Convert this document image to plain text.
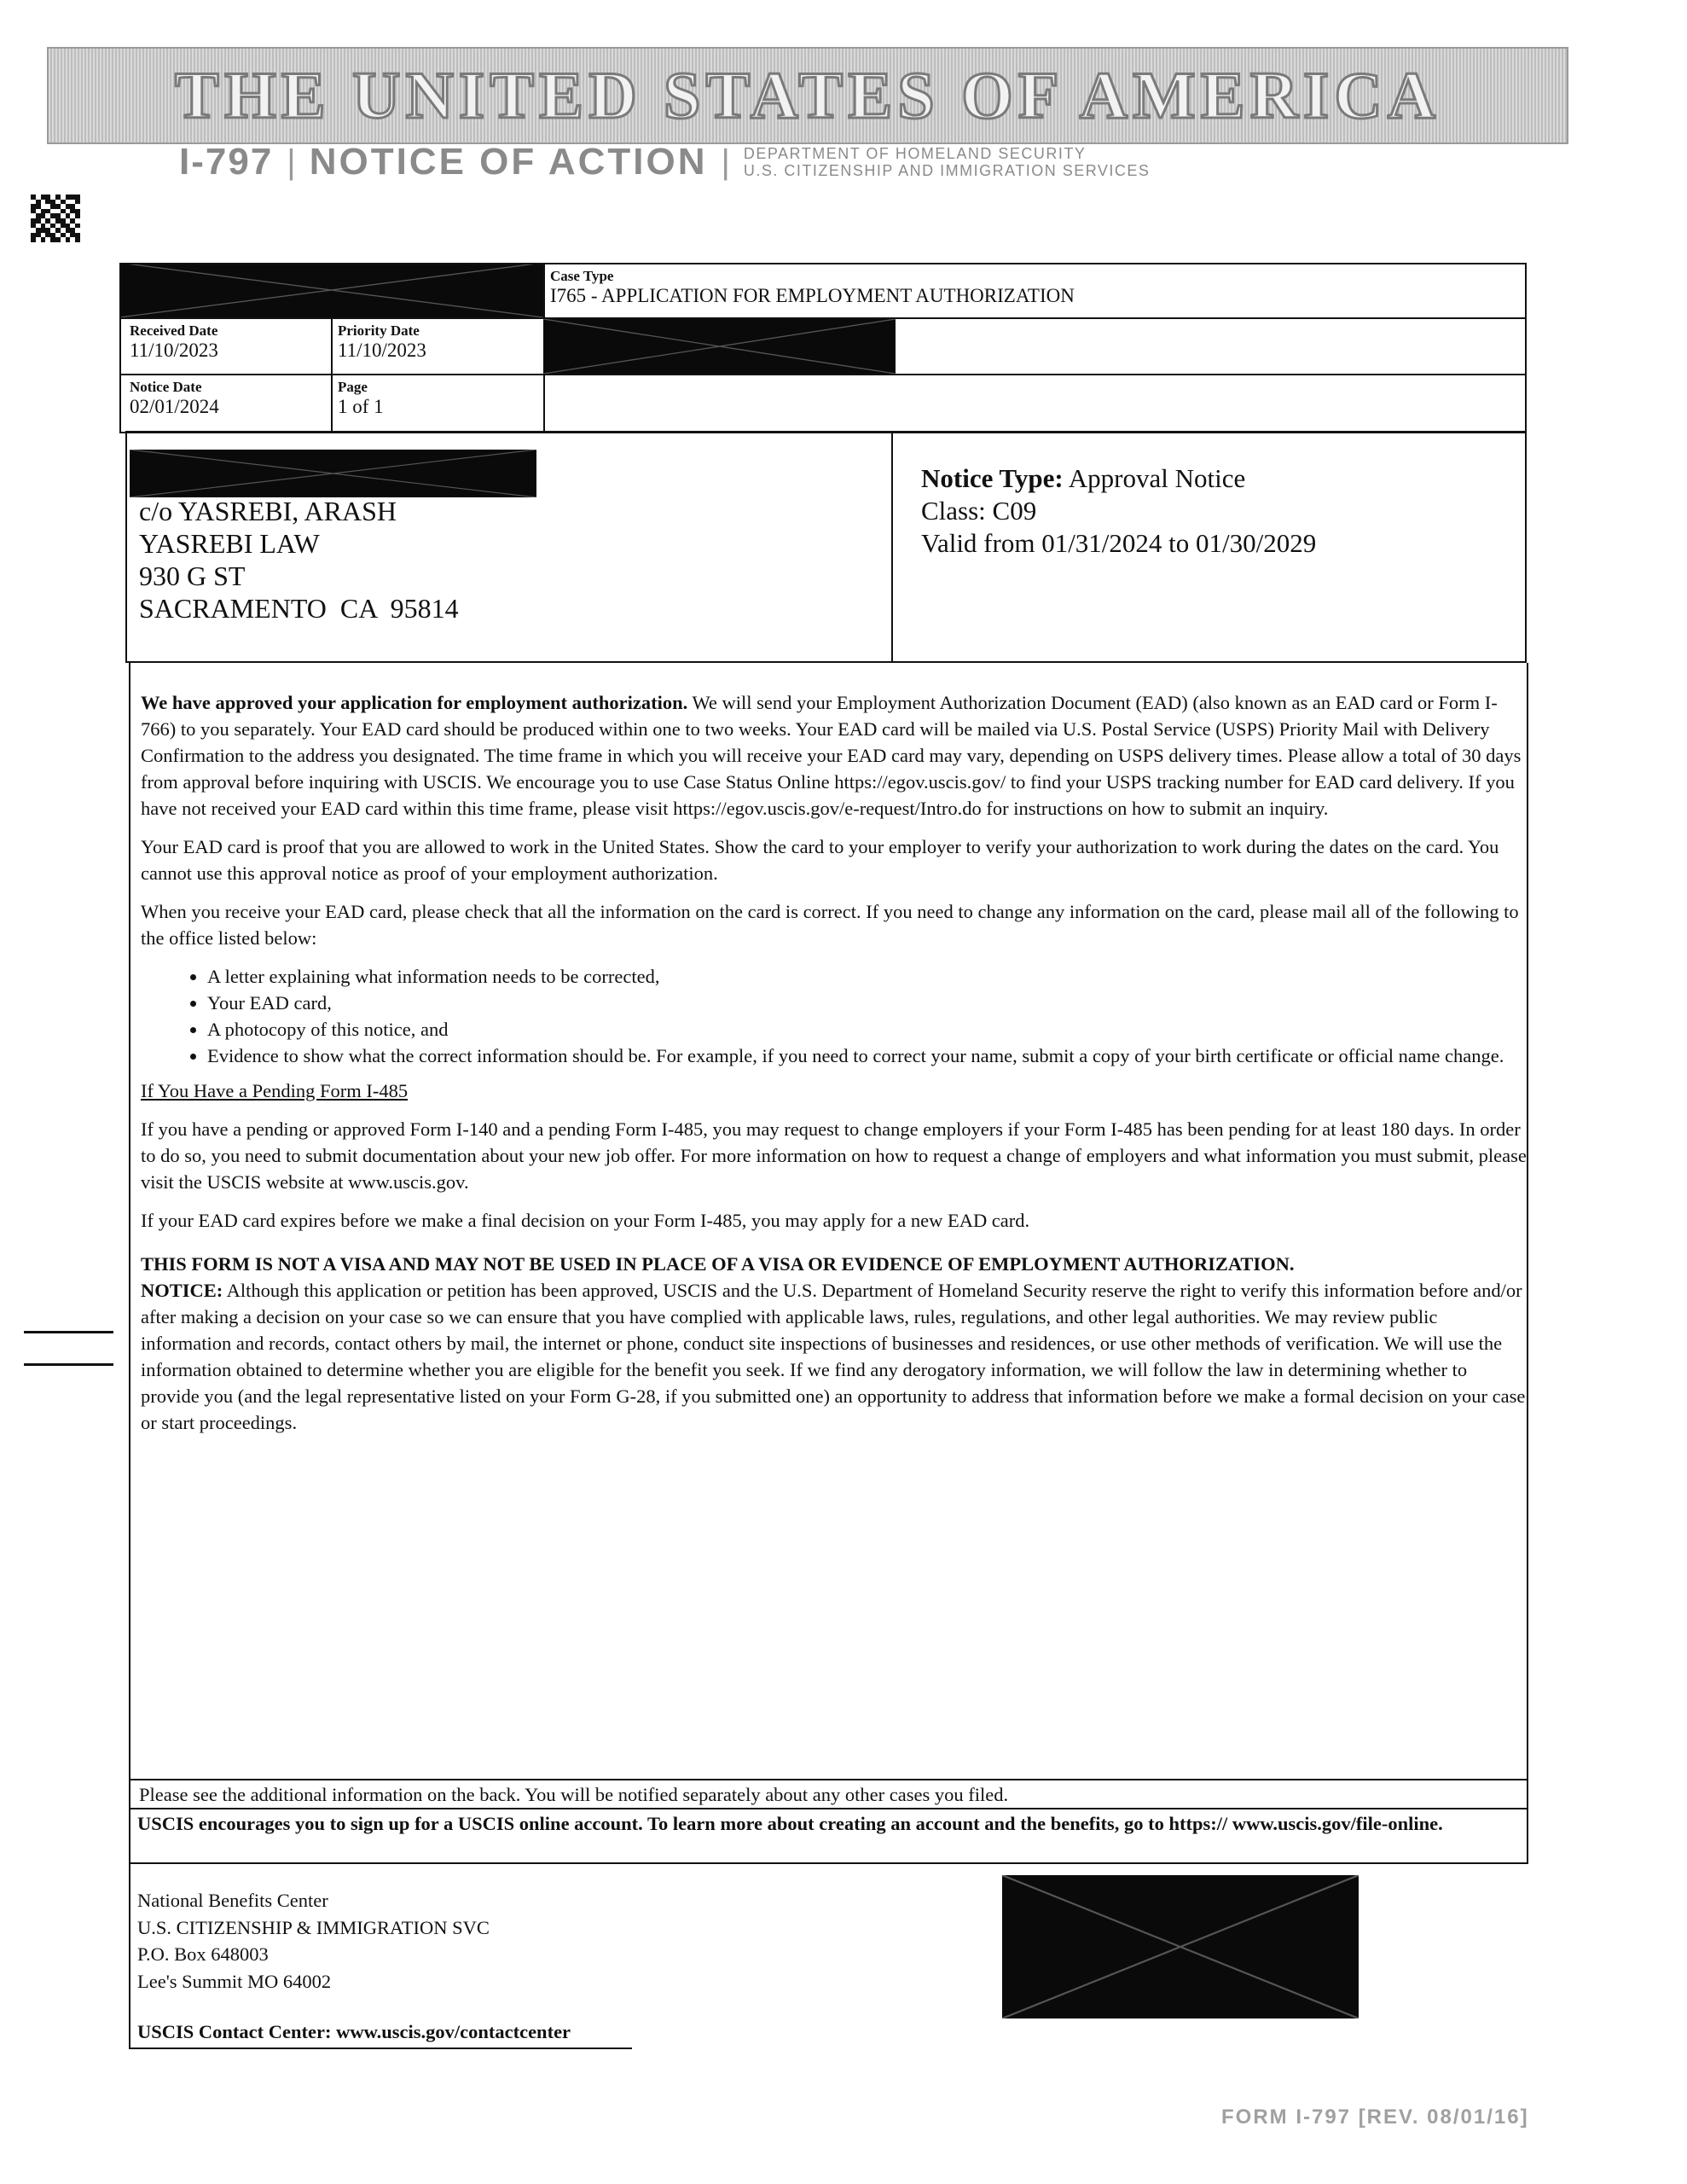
THE UNITED STATES OF AMERICA
I-797 | NOTICE OF ACTION | DEPARTMENT OF HOMELAND SECURITY
U.S. CITIZENSHIP AND IMMIGRATION SERVICES
Case Type
I765 - APPLICATION FOR EMPLOYMENT AUTHORIZATION
Received Date
11/10/2023
Priority Date
11/10/2023
Notice Date
02/01/2024
Page
1 of 1
c/o YASREBI, ARASH
YASREBI LAW
930 G ST
SACRAMENTO  CA  95814
Notice Type: Approval Notice
Class: C09
Valid from 01/31/2024 to 01/30/2029

We have approved your application for employment authorization. We will send your Employment Authorization Document (EAD) (also known as an EAD card or Form I-766) to you separately. Your EAD card should be produced within one to two weeks. Your EAD card will be mailed via U.S. Postal Service (USPS) Priority Mail with Delivery Confirmation to the address you designated. The time frame in which you will receive your EAD card may vary, depending on USPS delivery times. Please allow a total of 30 days from approval before inquiring with USCIS. We encourage you to use Case Status Online https://egov.uscis.gov/ to find your USPS tracking number for EAD card delivery. If you have not received your EAD card within this time frame, please visit https://egov.uscis.gov/e-request/Intro.do for instructions on how to submit an inquiry.

Your EAD card is proof that you are allowed to work in the United States. Show the card to your employer to verify your authorization to work during the dates on the card. You cannot use this approval notice as proof of your employment authorization.

When you receive your EAD card, please check that all the information on the card is correct. If you need to change any information on the card, please mail all of the following to the office listed below:

• A letter explaining what information needs to be corrected,
• Your EAD card,
• A photocopy of this notice, and
• Evidence to show what the correct information should be. For example, if you need to correct your name, submit a copy of your birth certificate or official name change.

If You Have a Pending Form I-485

If you have a pending or approved Form I-140 and a pending Form I-485, you may request to change employers if your Form I-485 has been pending for at least 180 days. In order to do so, you need to submit documentation about your new job offer. For more information on how to request a change of employers and what information you must submit, please visit the USCIS website at www.uscis.gov.

If your EAD card expires before we make a final decision on your Form I-485, you may apply for a new EAD card.

THIS FORM IS NOT A VISA AND MAY NOT BE USED IN PLACE OF A VISA OR EVIDENCE OF EMPLOYMENT AUTHORIZATION.
NOTICE: Although this application or petition has been approved, USCIS and the U.S. Department of Homeland Security reserve the right to verify this information before and/or after making a decision on your case so we can ensure that you have complied with applicable laws, rules, regulations, and other legal authorities. We may review public information and records, contact others by mail, the internet or phone, conduct site inspections of businesses and residences, or use other methods of verification. We will use the information obtained to determine whether you are eligible for the benefit you seek. If we find any derogatory information, we will follow the law in determining whether to provide you (and the legal representative listed on your Form G-28, if you submitted one) an opportunity to address that information before we make a formal decision on your case or start proceedings.

Please see the additional information on the back. You will be notified separately about any other cases you filed.
USCIS encourages you to sign up for a USCIS online account. To learn more about creating an account and the benefits, go to https:// www.uscis.gov/file-online.
National Benefits Center
U.S. CITIZENSHIP & IMMIGRATION SVC
P.O. Box 648003
Lee's Summit MO 64002
USCIS Contact Center: www.uscis.gov/contactcenter
FORM I-797 [REV. 08/01/16]
